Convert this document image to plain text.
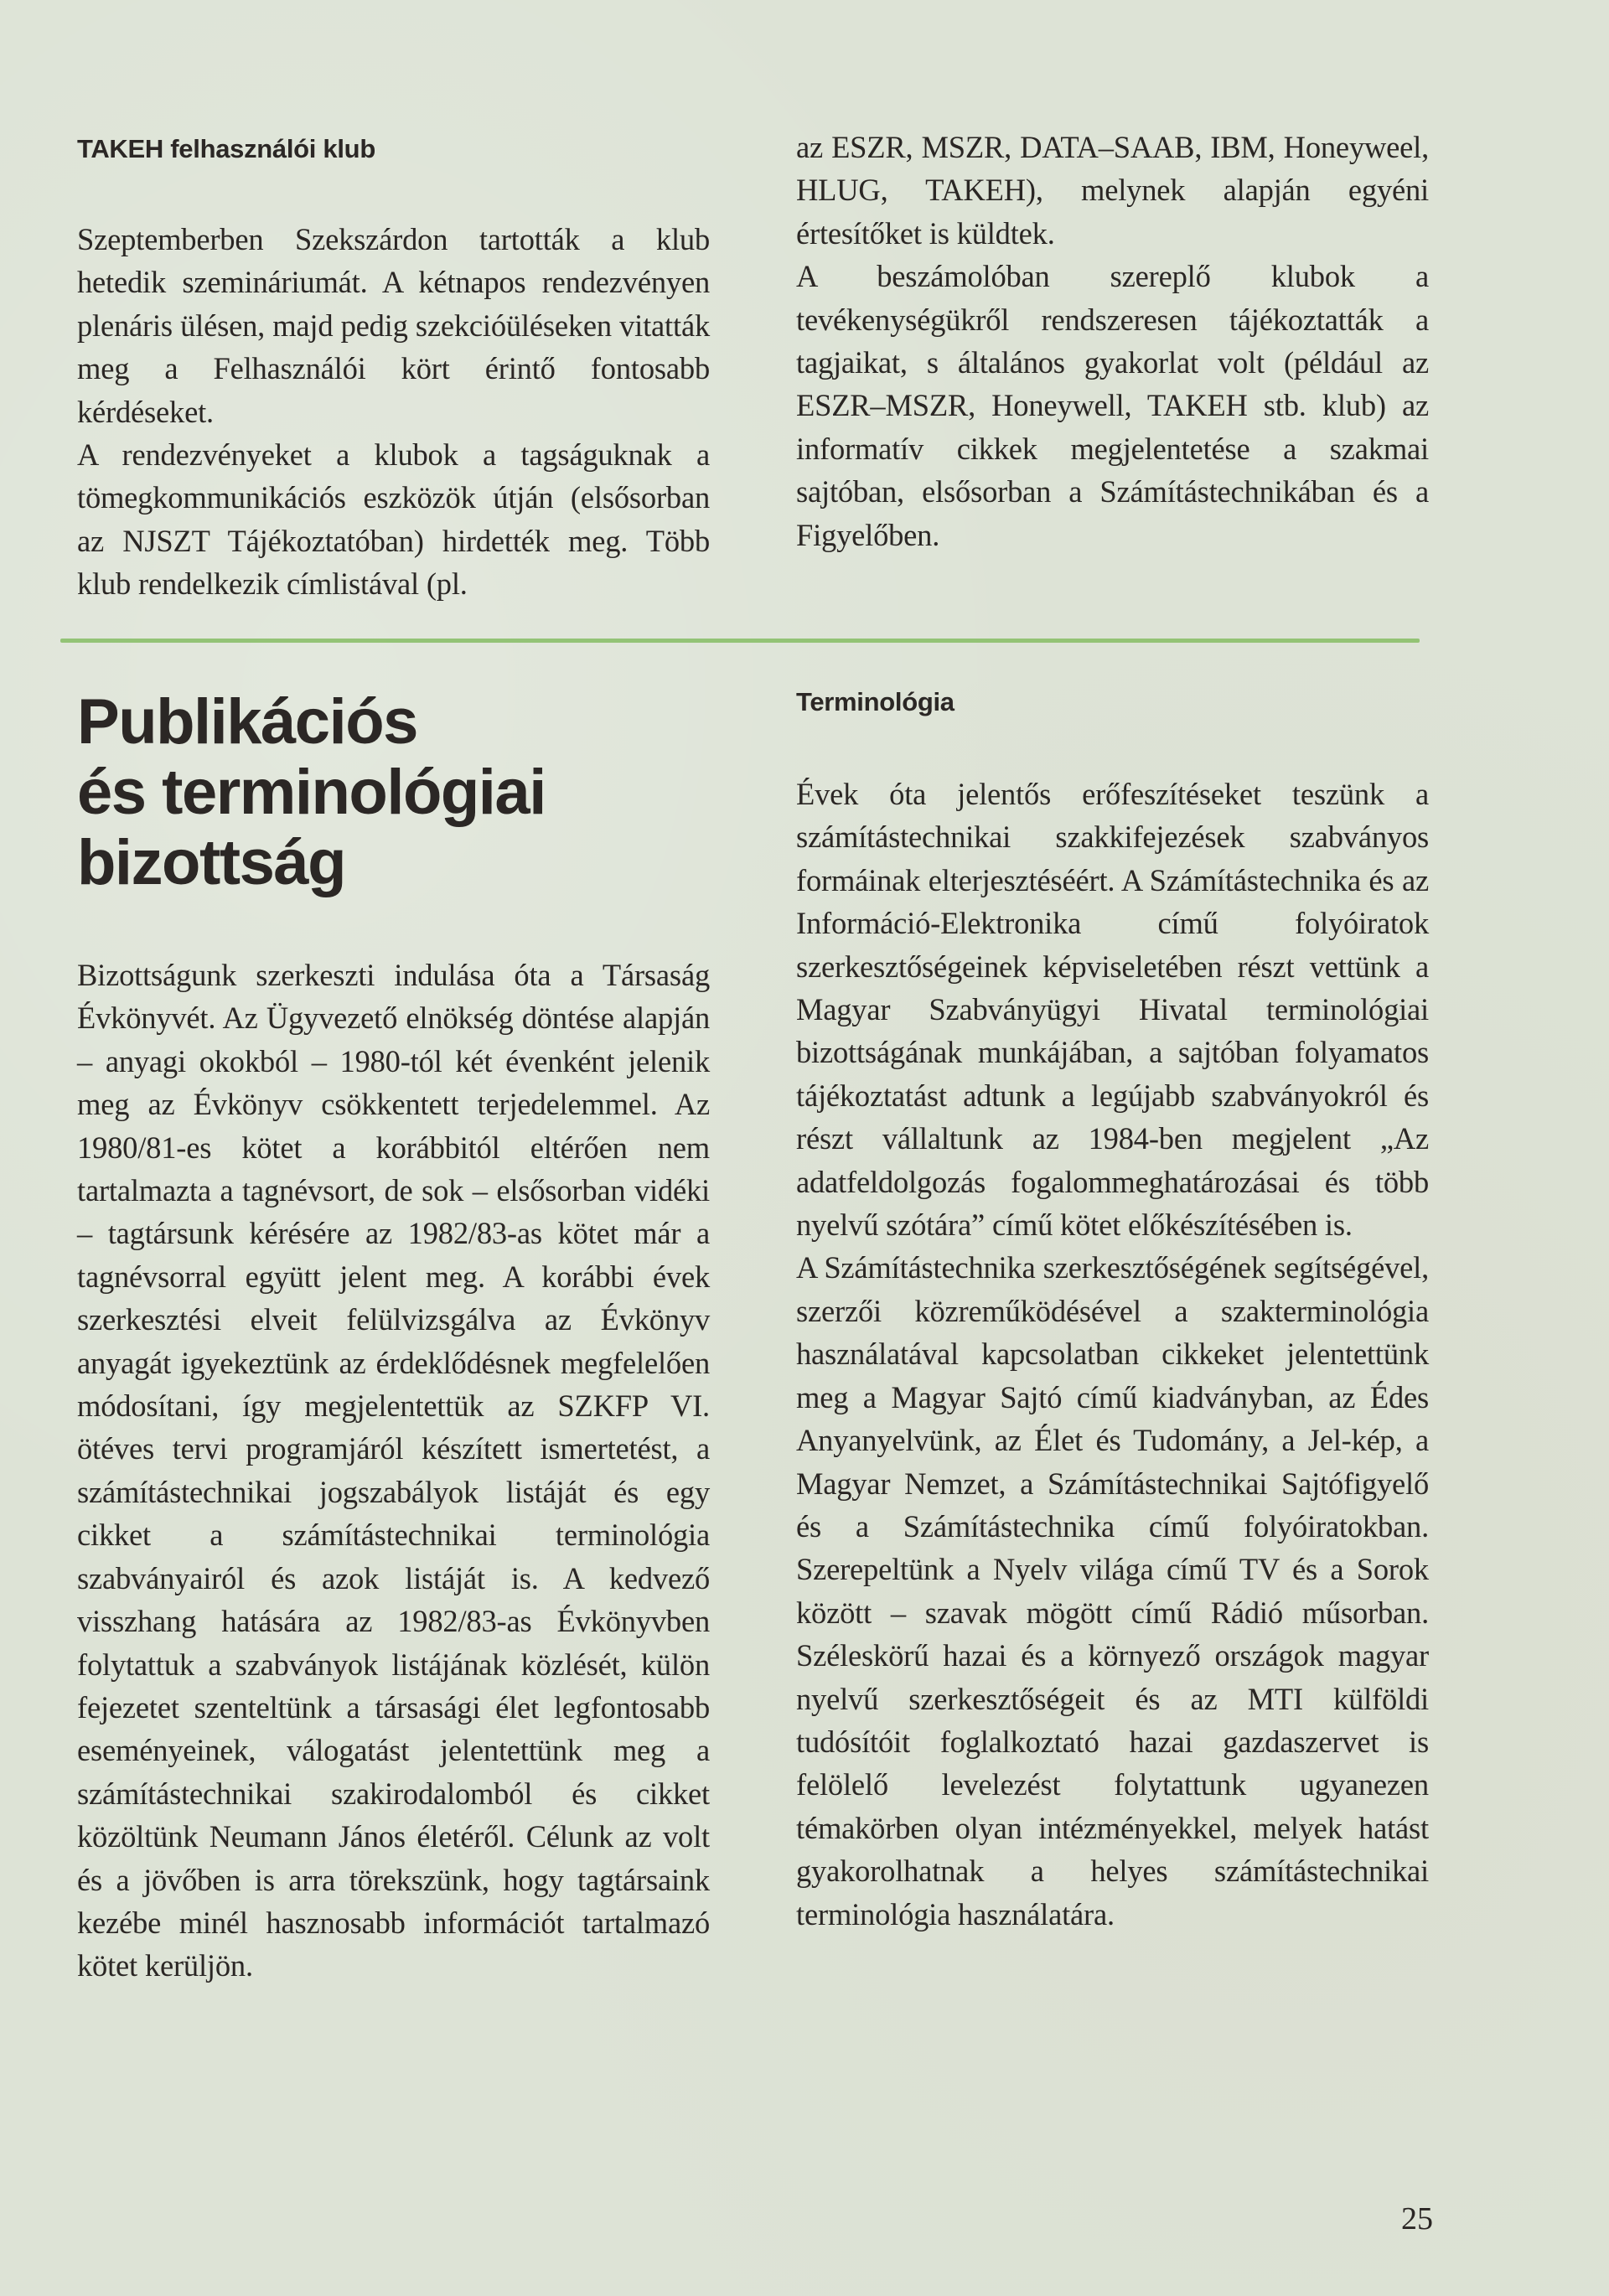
TAKEH felhasználói klub
Szeptemberben Szekszárdon tartották a klub hetedik szemináriumát. A kétnapos rendezvényen plenáris ülésen, majd pedig szekcióüléseken vitatták meg a Felhasználói kört érintő fontosabb kérdéseket.
A rendezvényeket a klubok a tagságuknak a tömegkommunikációs eszközök útján (elsősorban az NJSZT Tájékoztatóban) hirdették meg. Több klub rendelkezik címlistával (pl.
az ESZR, MSZR, DATA–SAAB, IBM, Honeyweel, HLUG, TAKEH), melynek alapján egyéni értesítőket is küldtek.
A beszámolóban szereplő klubok a tevékenységükről rendszeresen tájékoztatták a tagjaikat, s általános gyakorlat volt (például az ESZR–MSZR, Honeywell, TAKEH stb. klub) az informatív cikkek megjelentetése a szakmai sajtóban, elsősorban a Számítástechnikában és a Figyelőben.
Publikációs
és terminológiai
bizottság
Bizottságunk szerkeszti indulása óta a Társaság Évkönyvét. Az Ügyvezető elnökség döntése alapján – anyagi okokból – 1980-tól két évenként jelenik meg az Évkönyv csökkentett terjedelemmel. Az 1980/81-es kötet a korábbitól eltérően nem tartalmazta a tagnévsort, de sok – elsősorban vidéki – tagtársunk kérésére az 1982/83-as kötet már a tagnévsorral együtt jelent meg. A korábbi évek szerkesztési elveit felülvizsgálva az Évkönyv anyagát igyekeztünk az érdeklődésnek megfelelően módosítani, így megjelentettük az SZKFP VI. ötéves tervi programjáról készített ismertetést, a számítástechnikai jogszabályok listáját és egy cikket a számítástechnikai terminológia szabványairól és azok listáját is. A kedvező visszhang hatására az 1982/83-as Évkönyvben folytattuk a szabványok listájának közlését, külön fejezetet szenteltünk a társasági élet legfontosabb eseményeinek, válogatást jelentettünk meg a számítástechnikai szakirodalomból és cikket közöltünk Neumann János életéről. Célunk az volt és a jövőben is arra törekszünk, hogy tagtársaink kezébe minél hasznosabb információt tartalmazó kötet kerüljön.
Terminológia
Évek óta jelentős erőfeszítéseket teszünk a számítástechnikai szakkifejezések szabványos formáinak elterjesztéséért. A Számítástechnika és az Információ-Elektronika című folyóiratok szerkesztőségeinek képviseletében részt vettünk a Magyar Szabványügyi Hivatal terminológiai bizottságának munkájában, a sajtóban folyamatos tájékoztatást adtunk a legújabb szabványokról és részt vállaltunk az 1984-ben megjelent „Az adatfeldolgozás fogalommeghatározásai és több nyelvű szótára” című kötet előkészítésében is.
A Számítástechnika szerkesztőségének segítségével, szerzői közreműködésével a szakterminológia használatával kapcsolatban cikkeket jelentettünk meg a Magyar Sajtó című kiadványban, az Édes Anyanyelvünk, az Élet és Tudomány, a Jel-kép, a Magyar Nemzet, a Számítástechnikai Sajtófigyelő és a Számítástechnika című folyóiratokban. Szerepeltünk a Nyelv világa című TV és a Sorok között – szavak mögött című Rádió műsorban. Széleskörű hazai és a környező országok magyar nyelvű szerkesztőségeit és az MTI külföldi tudósítóit foglalkoztató hazai gazdaszervet is felölelő levelezést folytattunk ugyanezen témakörben olyan intézményekkel, melyek hatást gyakorolhatnak a helyes számítástechnikai terminológia használatára.
25
